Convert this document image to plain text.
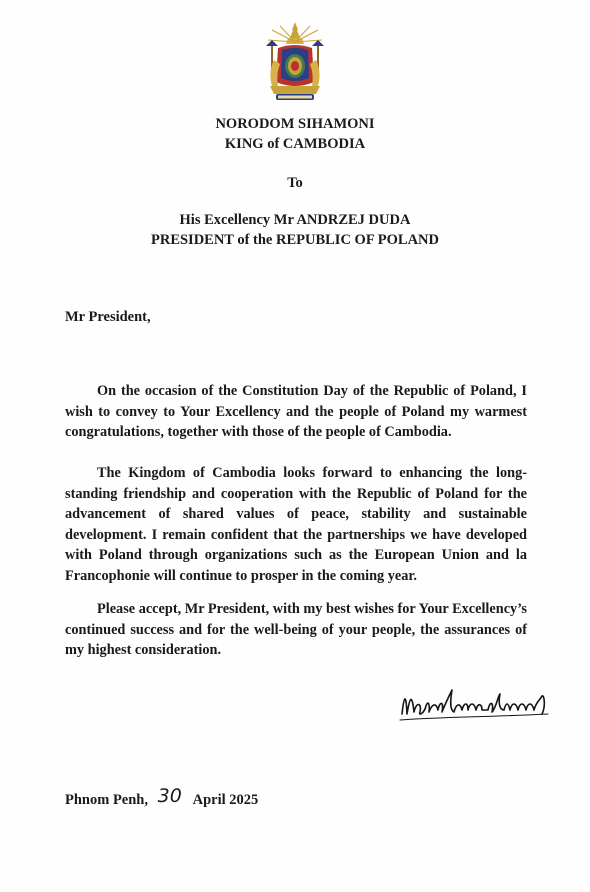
NORODOM SIHAMONI
KING of CAMBODIA
To
His Excellency Mr ANDRZEJ DUDA
PRESIDENT of the REPUBLIC OF POLAND
Mr President,

On the occasion of the Constitution Day of the Republic of Poland, I wish to convey to Your Excellency and the people of Poland my warmest congratulations, together with those of the people of Cambodia.

The Kingdom of Cambodia looks forward to enhancing the long-standing friendship and cooperation with the Republic of Poland for the advancement of shared values of peace, stability and sustainable development. I remain confident that the partnerships we have developed with Poland through organizations such as the European Union and la Francophonie will continue to prosper in the coming year.

Please accept, Mr President, with my best wishes for Your Excellency’s continued success and for the well-being of your people, the assurances of my highest consideration.

Phnom Penh, 30 April 2025
